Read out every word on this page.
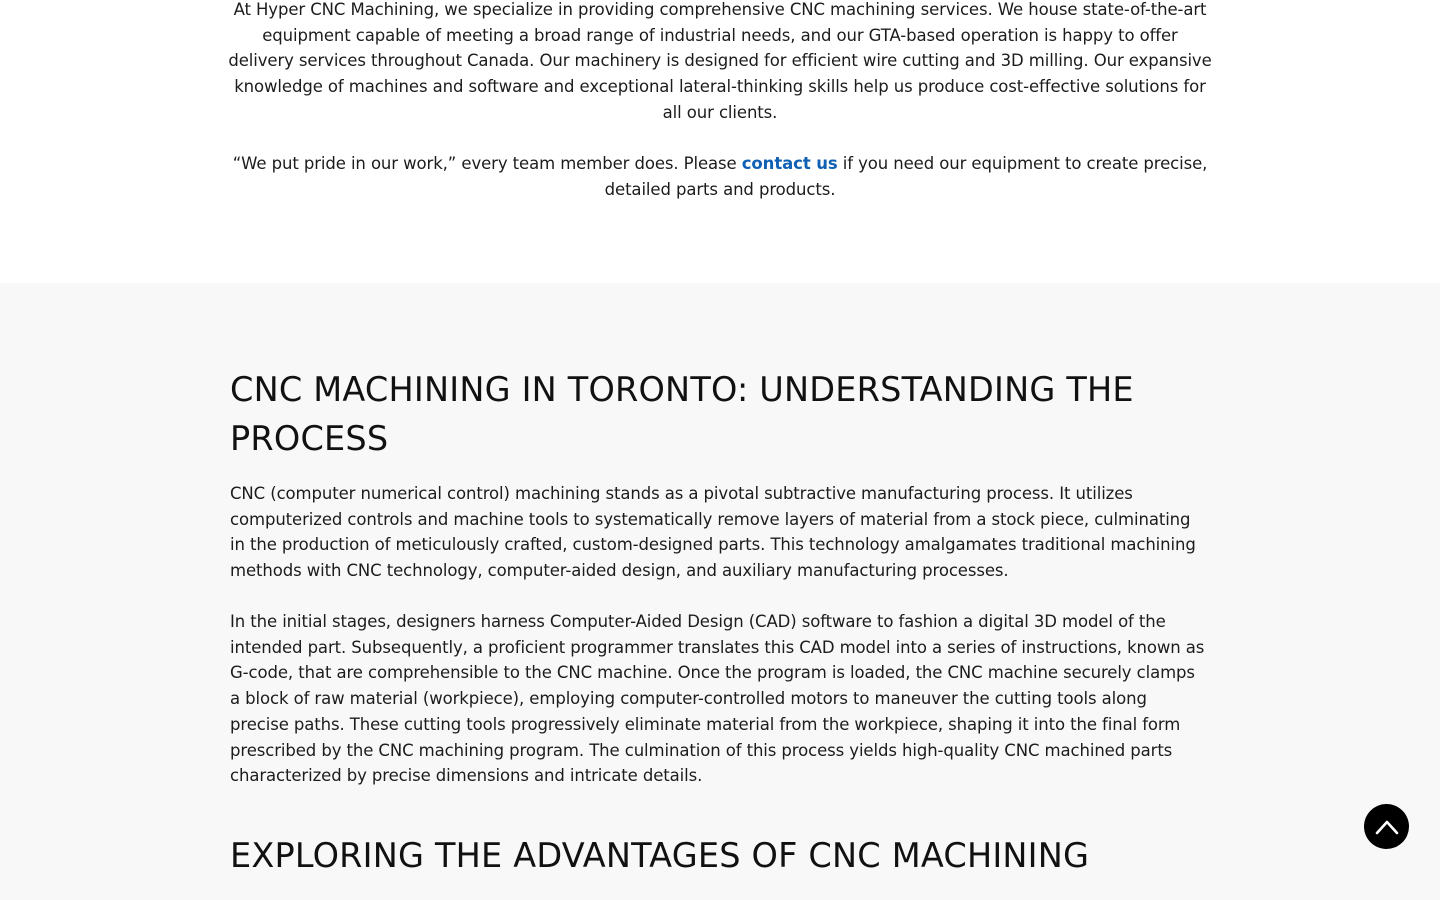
At Hyper CNC Machining, we specialize in providing comprehensive CNC machining services. We house state-of-the-art equipment capable of meeting a broad range of industrial needs, and our GTA-based operation is happy to offer delivery services throughout Canada. Our machinery is designed for efficient wire cutting and 3D milling. Our expansive knowledge of machines and software and exceptional lateral-thinking skills help us produce cost-effective solutions for all our clients.

“We put pride in our work,” every team member does. Please contact us if you need our equipment to create precise, detailed parts and products.

CNC MACHINING IN TORONTO: UNDERSTANDING THE PROCESS

CNC (computer numerical control) machining stands as a pivotal subtractive manufacturing process. It utilizes computerized controls and machine tools to systematically remove layers of material from a stock piece, culminating in the production of meticulously crafted, custom-designed parts. This technology amalgamates traditional machining methods with CNC technology, computer-aided design, and auxiliary manufacturing processes.

In the initial stages, designers harness Computer-Aided Design (CAD) software to fashion a digital 3D model of the intended part. Subsequently, a proficient programmer translates this CAD model into a series of instructions, known as G-code, that are comprehensible to the CNC machine. Once the program is loaded, the CNC machine securely clamps a block of raw material (workpiece), employing computer-controlled motors to maneuver the cutting tools along precise paths. These cutting tools progressively eliminate material from the workpiece, shaping it into the final form prescribed by the CNC machining program. The culmination of this process yields high-quality CNC machined parts characterized by precise dimensions and intricate details.

EXPLORING THE ADVANTAGES OF CNC MACHINING
